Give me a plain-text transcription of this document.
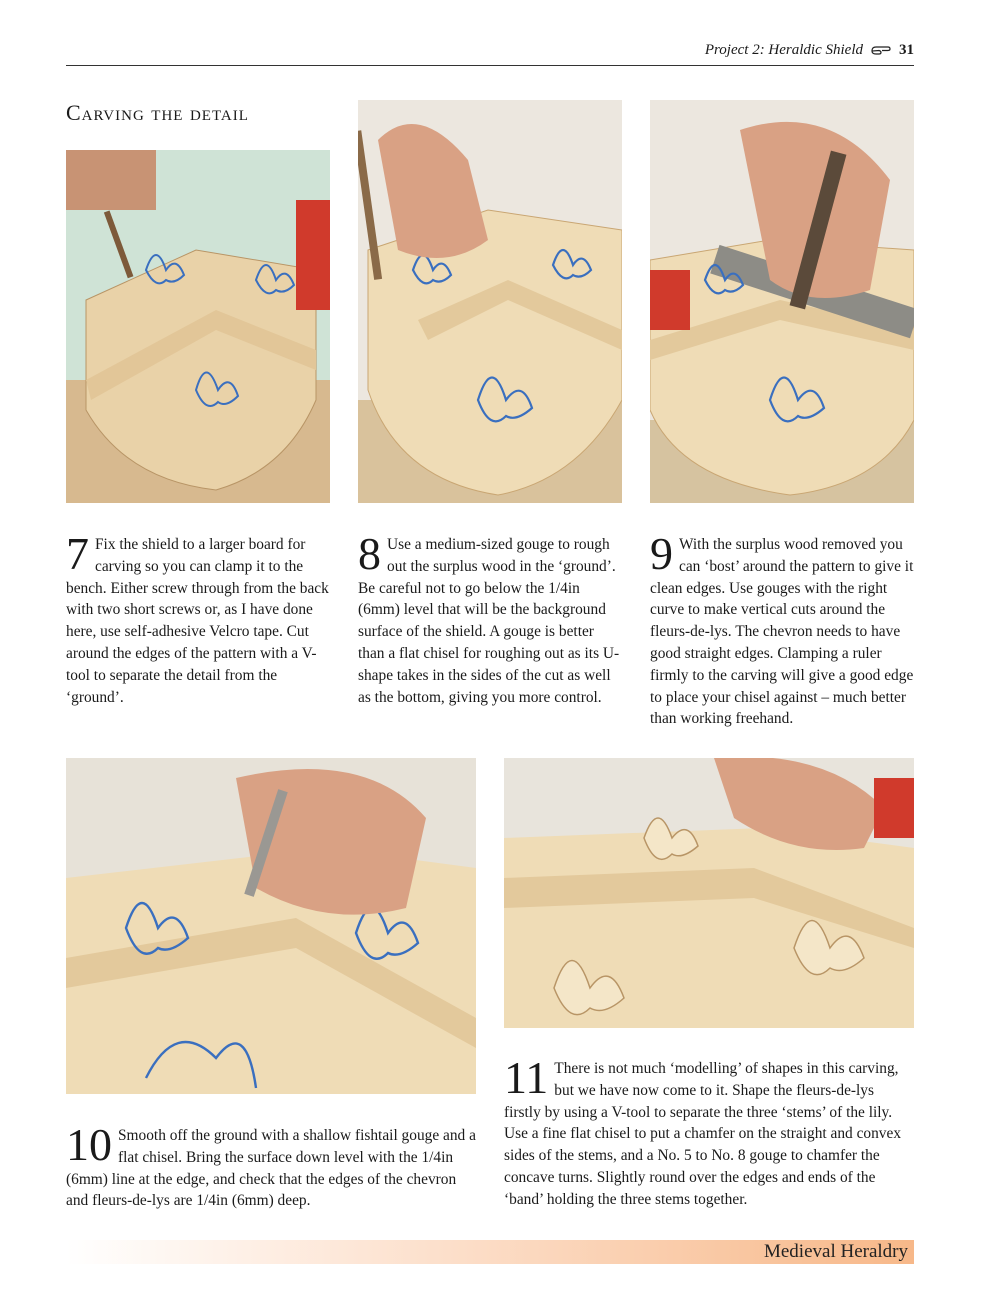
Project 2: Heraldic Shield 31
Carving the detail
7 Fix the shield to a larger board for carving so you can clamp it to the bench. Either screw through from the back with two short screws or, as I have done here, use self-adhesive Velcro tape. Cut around the edges of the pattern with a V-tool to separate the detail from the ‘ground’.

8 Use a medium-sized gouge to rough out the surplus wood in the ‘ground’. Be careful not to go below the 1/4in (6mm) level that will be the background surface of the shield. A gouge is better than a flat chisel for roughing out as its U-shape takes in the sides of the cut as well as the bottom, giving you more control.

9 With the surplus wood removed you can ‘bost’ around the pattern to give it clean edges. Use gouges with the right curve to make vertical cuts around the fleurs-de-lys. The chevron needs to have good straight edges. Clamping a ruler firmly to the carving will give a good edge to place your chisel against – much better than working freehand.

10 Smooth off the ground with a shallow fishtail gouge and a flat chisel. Bring the surface down level with the 1/4in (6mm) line at the edge, and check that the edges of the chevron and fleurs-de-lys are 1/4in (6mm) deep.

11 There is not much ‘modelling’ of shapes in this carving, but we have now come to it. Shape the fleurs-de-lys firstly by using a V-tool to separate the three ‘stems’ of the lily. Use a fine flat chisel to put a chamfer on the straight and convex sides of the stems, and a No. 5 to No. 8 gouge to chamfer the concave turns. Slightly round over the edges and ends of the ‘band’ holding the three stems together.

Medieval Heraldry
